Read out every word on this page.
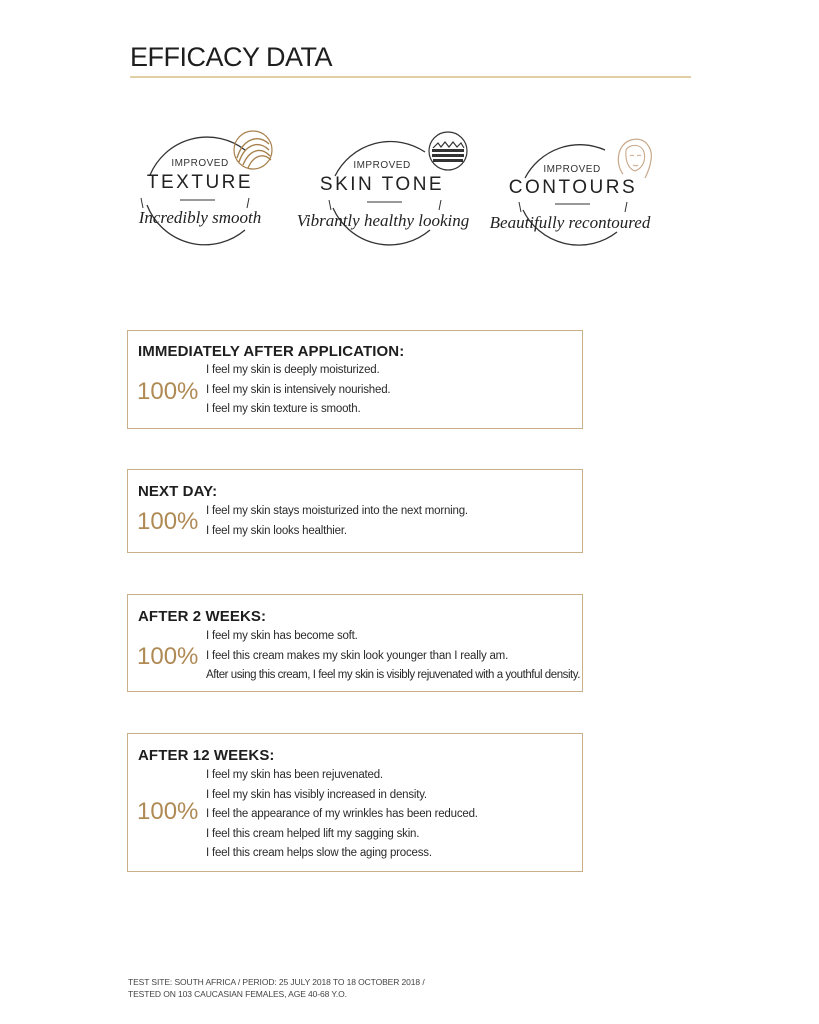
EFFICACY DATA
IMPROVED
TEXTURE
Incredibly smooth
IMPROVED
SKIN TONE
Vibrantly healthy looking
IMPROVED
CONTOURS
Beautifully recontoured
IMMEDIATELY AFTER APPLICATION:
100%
I feel my skin is deeply moisturized.
I feel my skin is intensively nourished.
I feel my skin texture is smooth.
NEXT DAY:
100% I feel my skin stays moisturized into the next morning.
I feel my skin looks healthier.
AFTER 2 WEEKS:
100%
I feel my skin has become soft.
I feel this cream makes my skin look younger than I really am.
After using this cream, I feel my skin is visibly rejuvenated with a youthful density.
AFTER 12 WEEKS:
100%
I feel my skin has been rejuvenated.
I feel my skin has visibly increased in density.
I feel the appearance of my wrinkles has been reduced.
I feel this cream helped lift my sagging skin.
I feel this cream helps slow the aging process.
TEST SITE: SOUTH AFRICA / PERIOD: 25 JULY 2018 TO 18 OCTOBER 2018 /
TESTED ON 103 CAUCASIAN FEMALES, AGE 40-68 Y.O.
